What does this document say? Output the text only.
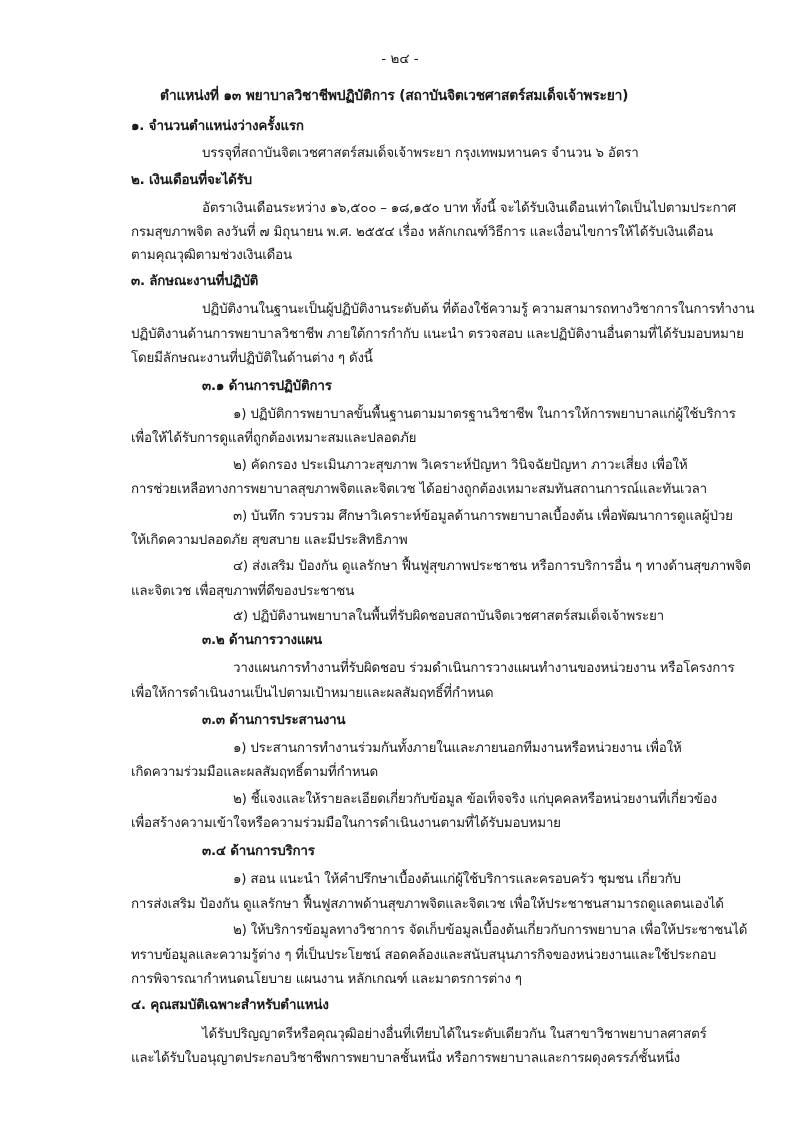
- ๒๔ -
ตำแหน่งที่ ๑๓ พยาบาลวิชาชีพปฏิบัติการ (สถาบันจิตเวชศาสตร์สมเด็จเจ้าพระยา)
๑. จำนวนตำแหน่งว่างครั้งแรก
บรรจุที่สถาบันจิตเวชศาสตร์สมเด็จเจ้าพระยา กรุงเทพมหานคร จำนวน ๖ อัตรา
๒. เงินเดือนที่จะได้รับ
อัตราเงินเดือนระหว่าง ๑๖,๕๐๐ – ๑๘,๑๕๐ บาท ทั้งนี้ จะได้รับเงินเดือนเท่าใดเป็นไปตามประกาศ
กรมสุขภาพจิต ลงวันที่ ๗ มิถุนายน พ.ศ. ๒๕๕๔ เรื่อง หลักเกณฑ์วิธีการ และเงื่อนไขการให้ได้รับเงินเดือน
ตามคุณวุฒิตามช่วงเงินเดือน
๓. ลักษณะงานที่ปฏิบัติ
ปฏิบัติงานในฐานะเป็นผู้ปฏิบัติงานระดับต้น ที่ต้องใช้ความรู้ ความสามารถทางวิชาการในการทำงาน
ปฏิบัติงานด้านการพยาบาลวิชาชีพ ภายใต้การกำกับ แนะนำ ตรวจสอบ และปฏิบัติงานอื่นตามที่ได้รับมอบหมาย
โดยมีลักษณะงานที่ปฏิบัติในด้านต่าง ๆ ดังนี้
๓.๑ ด้านการปฏิบัติการ
๑) ปฏิบัติการพยาบาลขั้นพื้นฐานตามมาตรฐานวิชาชีพ ในการให้การพยาบาลแก่ผู้ใช้บริการ
เพื่อให้ได้รับการดูแลที่ถูกต้องเหมาะสมและปลอดภัย
๒) คัดกรอง ประเมินภาวะสุขภาพ วิเคราะห์ปัญหา วินิจฉัยปัญหา ภาวะเสี่ยง เพื่อให้
การช่วยเหลือทางการพยาบาลสุขภาพจิตและจิตเวช ได้อย่างถูกต้องเหมาะสมทันสถานการณ์และทันเวลา
๓) บันทึก รวบรวม ศึกษาวิเคราะห์ข้อมูลด้านการพยาบาลเบื้องต้น เพื่อพัฒนาการดูแลผู้ป่วย
ให้เกิดความปลอดภัย สุขสบาย และมีประสิทธิภาพ
๔) ส่งเสริม ป้องกัน ดูแลรักษา ฟื้นฟูสุขภาพประชาชน หรือการบริการอื่น ๆ ทางด้านสุขภาพจิต
และจิตเวช เพื่อสุขภาพที่ดีของประชาชน
๕) ปฏิบัติงานพยาบาลในพื้นที่รับผิดชอบสถาบันจิตเวชศาสตร์สมเด็จเจ้าพระยา
๓.๒ ด้านการวางแผน
วางแผนการทำงานที่รับผิดชอบ ร่วมดำเนินการวางแผนทำงานของหน่วยงาน หรือโครงการ
เพื่อให้การดำเนินงานเป็นไปตามเป้าหมายและผลสัมฤทธิ์ที่กำหนด
๓.๓ ด้านการประสานงาน
๑) ประสานการทำงานร่วมกันทั้งภายในและภายนอกทีมงานหรือหน่วยงาน เพื่อให้
เกิดความร่วมมือและผลสัมฤทธิ์ตามที่กำหนด
๒) ชี้แจงและให้รายละเอียดเกี่ยวกับข้อมูล ข้อเท็จจริง แก่บุคคลหรือหน่วยงานที่เกี่ยวข้อง
เพื่อสร้างความเข้าใจหรือความร่วมมือในการดำเนินงานตามที่ได้รับมอบหมาย
๓.๔ ด้านการบริการ
๑) สอน แนะนำ ให้คำปรึกษาเบื้องต้นแก่ผู้ใช้บริการและครอบครัว ชุมชน เกี่ยวกับ
การส่งเสริม ป้องกัน ดูแลรักษา ฟื้นฟูสภาพด้านสุขภาพจิตและจิตเวช เพื่อให้ประชาชนสามารถดูแลตนเองได้
๒) ให้บริการข้อมูลทางวิชาการ จัดเก็บข้อมูลเบื้องต้นเกี่ยวกับการพยาบาล เพื่อให้ประชาชนได้
ทราบข้อมูลและความรู้ต่าง ๆ ที่เป็นประโยชน์ สอดคล้องและสนับสนุนภารกิจของหน่วยงานและใช้ประกอบ
การพิจารณากำหนดนโยบาย แผนงาน หลักเกณฑ์ และมาตรการต่าง ๆ
๔. คุณสมบัติเฉพาะสำหรับตำแหน่ง
ได้รับปริญญาตรีหรือคุณวุฒิอย่างอื่นที่เทียบได้ในระดับเดียวกัน ในสาขาวิชาพยาบาลศาสตร์
และได้รับใบอนุญาตประกอบวิชาชีพการพยาบาลชั้นหนึ่ง หรือการพยาบาลและการผดุงครรภ์ชั้นหนึ่ง
